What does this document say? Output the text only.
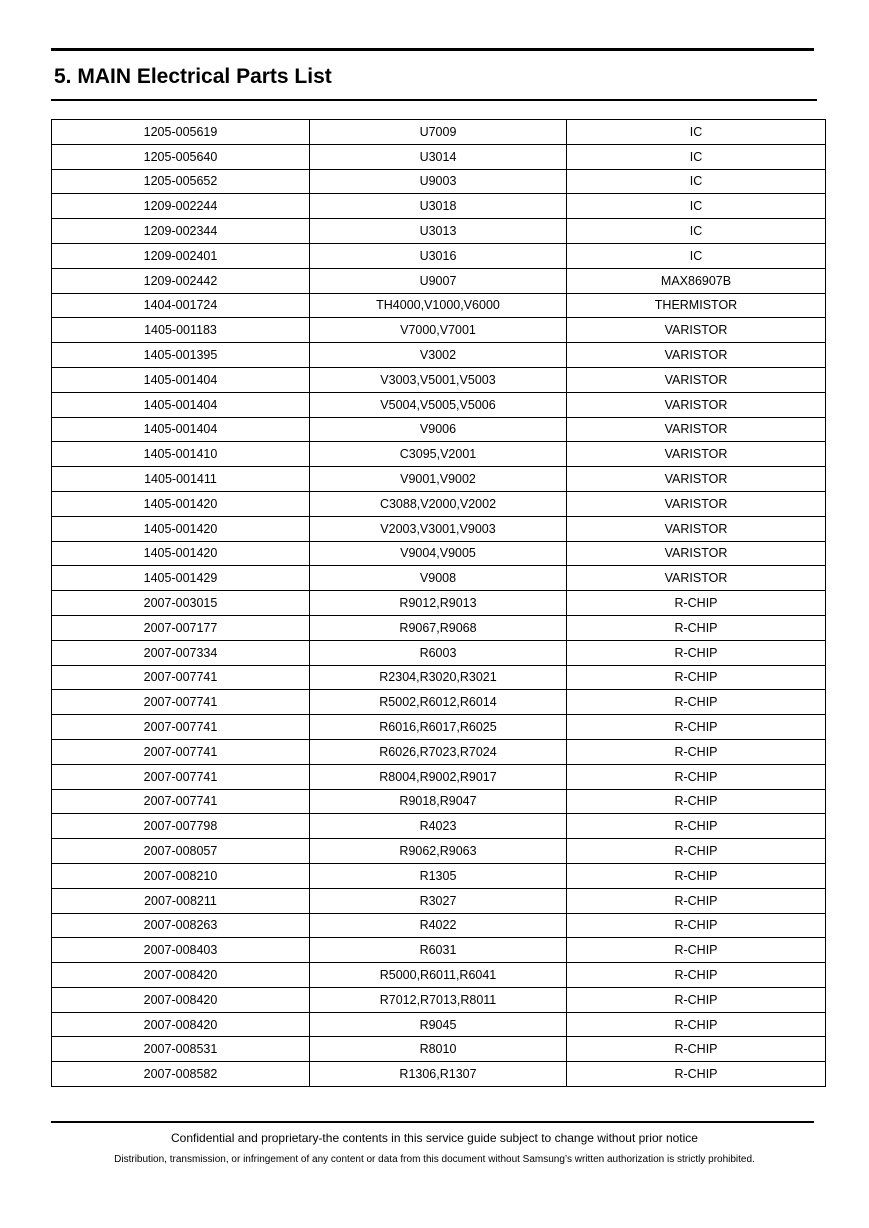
5. MAIN Electrical Parts List
1205-005619	U7009	IC
1205-005640	U3014	IC
1205-005652	U9003	IC
1209-002244	U3018	IC
1209-002344	U3013	IC
1209-002401	U3016	IC
1209-002442	U9007	MAX86907B
1404-001724	TH4000,V1000,V6000	THERMISTOR
1405-001183	V7000,V7001	VARISTOR
1405-001395	V3002	VARISTOR
1405-001404	V3003,V5001,V5003	VARISTOR
1405-001404	V5004,V5005,V5006	VARISTOR
1405-001404	V9006	VARISTOR
1405-001410	C3095,V2001	VARISTOR
1405-001411	V9001,V9002	VARISTOR
1405-001420	C3088,V2000,V2002	VARISTOR
1405-001420	V2003,V3001,V9003	VARISTOR
1405-001420	V9004,V9005	VARISTOR
1405-001429	V9008	VARISTOR
2007-003015	R9012,R9013	R-CHIP
2007-007177	R9067,R9068	R-CHIP
2007-007334	R6003	R-CHIP
2007-007741	R2304,R3020,R3021	R-CHIP
2007-007741	R5002,R6012,R6014	R-CHIP
2007-007741	R6016,R6017,R6025	R-CHIP
2007-007741	R6026,R7023,R7024	R-CHIP
2007-007741	R8004,R9002,R9017	R-CHIP
2007-007741	R9018,R9047	R-CHIP
2007-007798	R4023	R-CHIP
2007-008057	R9062,R9063	R-CHIP
2007-008210	R1305	R-CHIP
2007-008211	R3027	R-CHIP
2007-008263	R4022	R-CHIP
2007-008403	R6031	R-CHIP
2007-008420	R5000,R6011,R6041	R-CHIP
2007-008420	R7012,R7013,R8011	R-CHIP
2007-008420	R9045	R-CHIP
2007-008531	R8010	R-CHIP
2007-008582	R1306,R1307	R-CHIP
Confidential and proprietary-the contents in this service guide subject to change without prior notice
Distribution, transmission, or infringement of any content or data from this document without Samsung’s written authorization is strictly prohibited.
